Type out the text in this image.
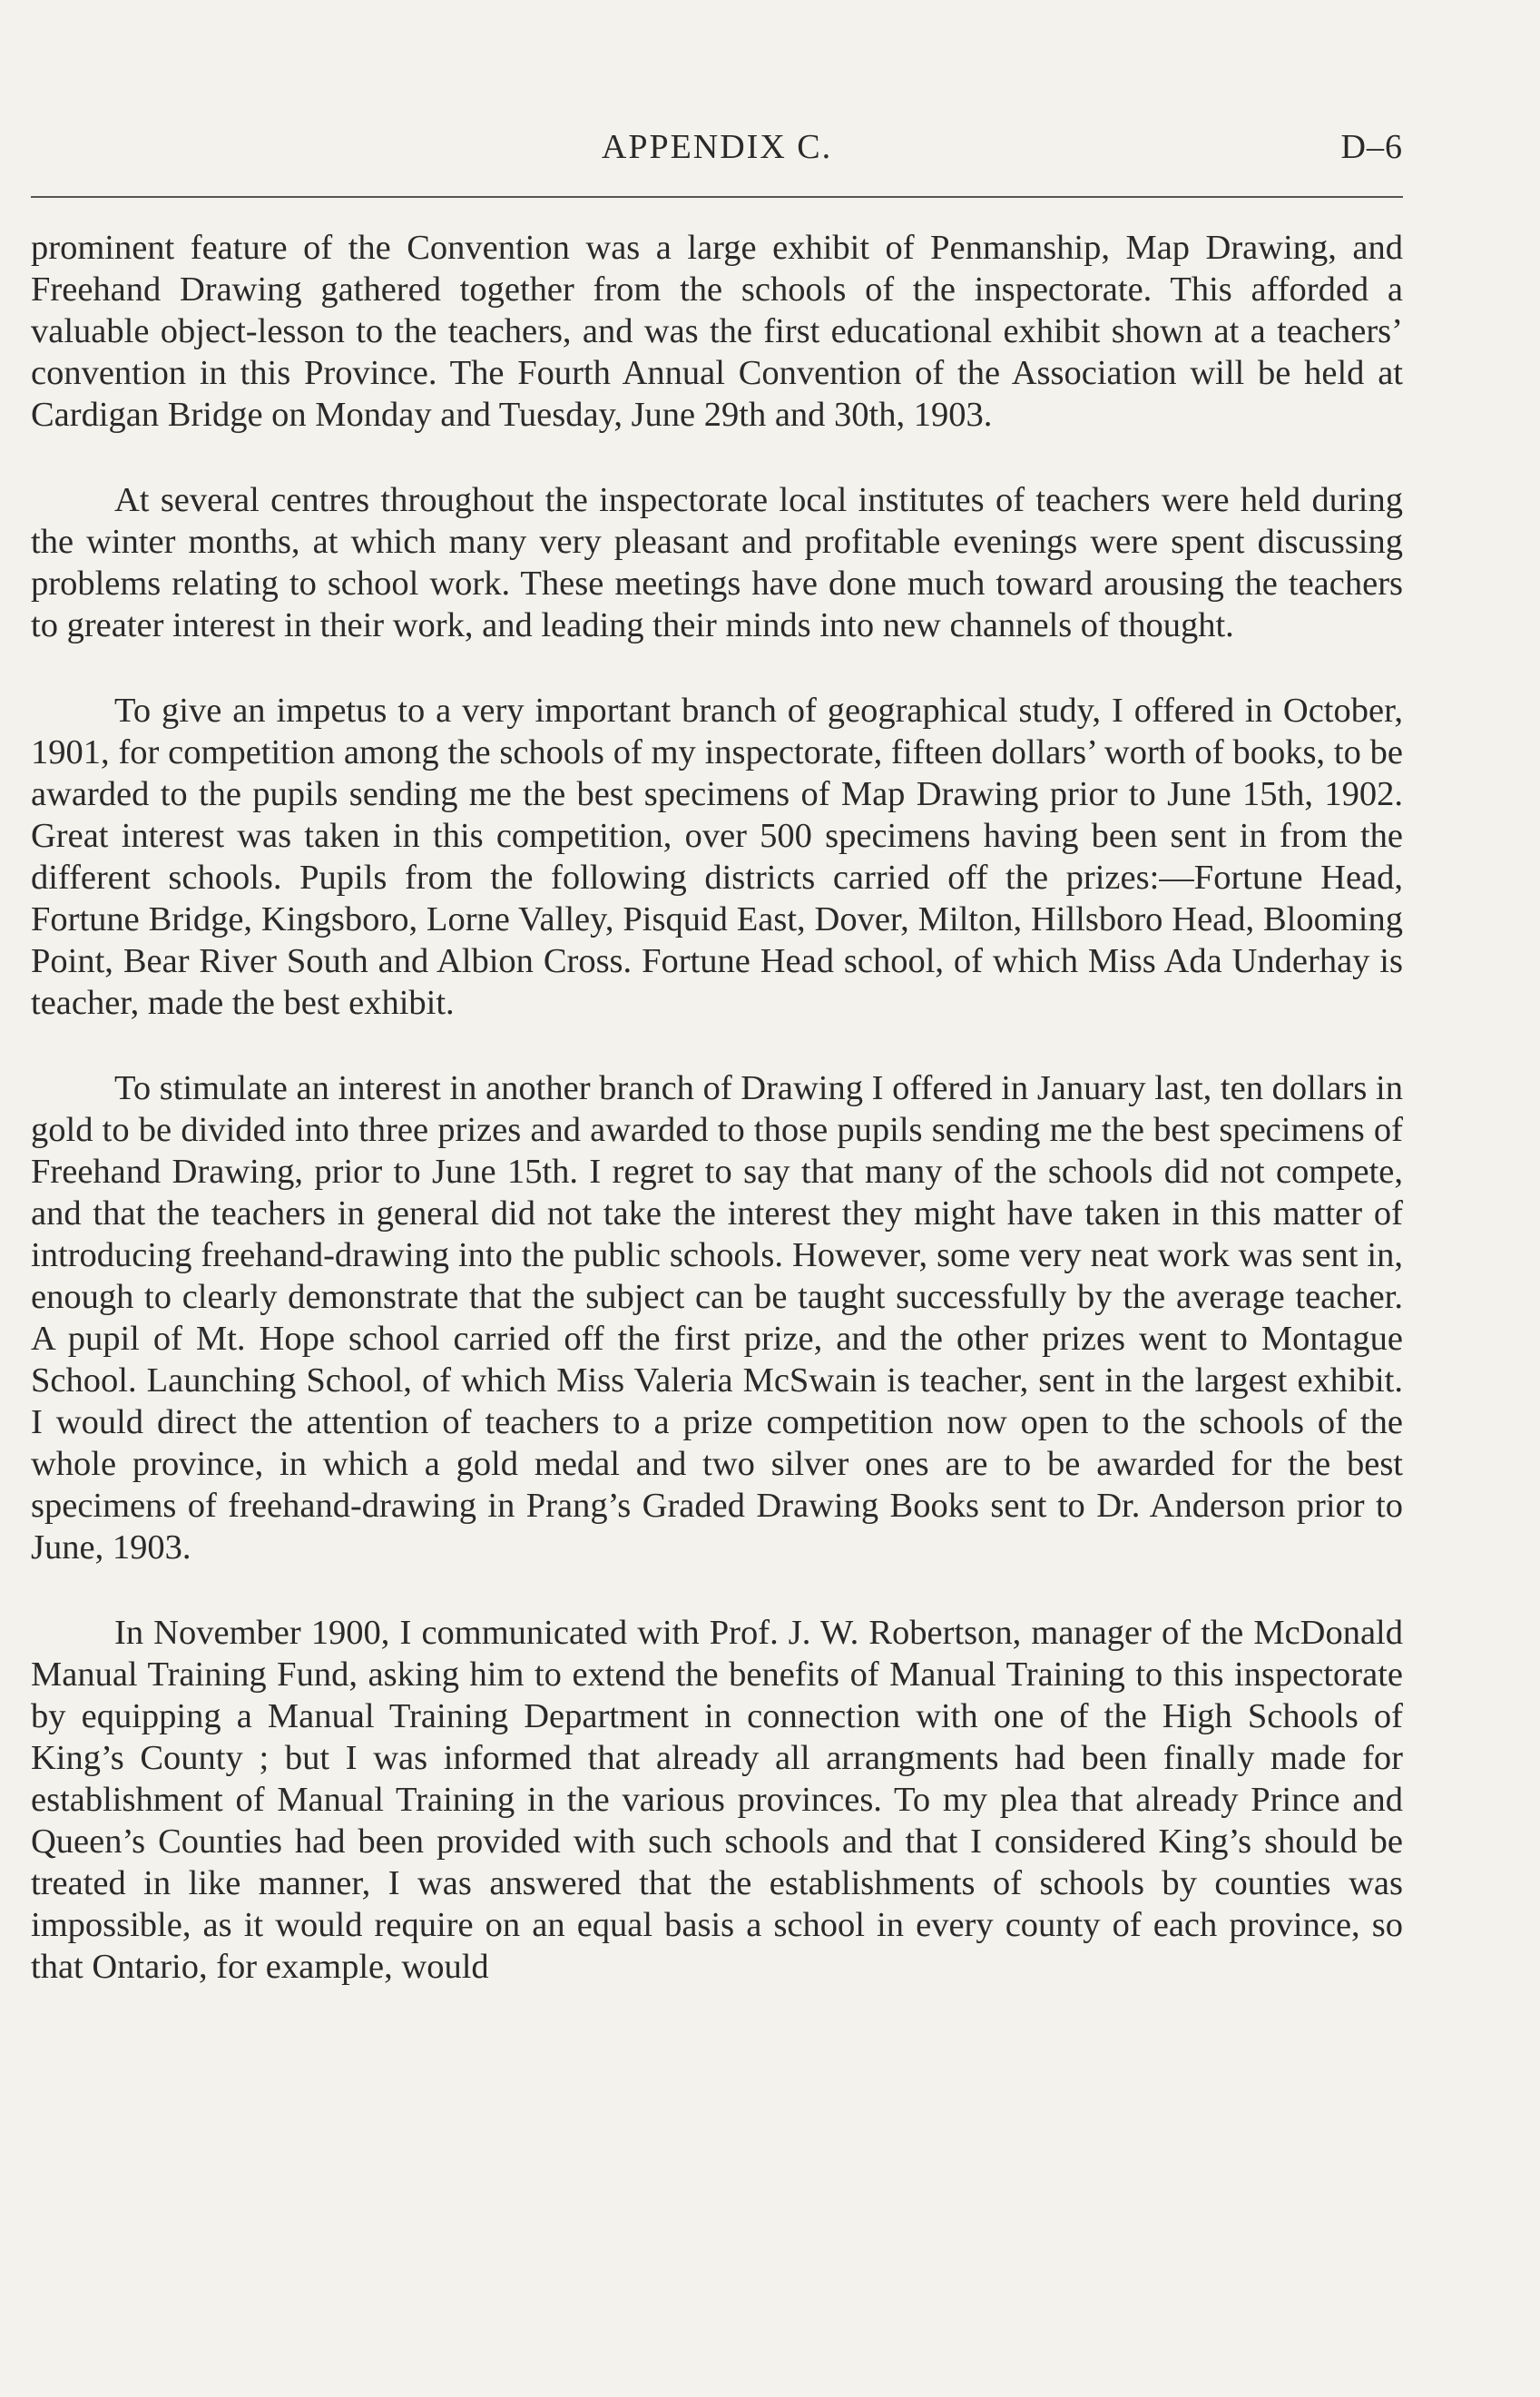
APPENDIX C.	D–6

prominent feature of the Convention was a large exhibit of Penmanship, Map Drawing, and Freehand Drawing gathered together from the schools of the inspectorate. This afforded a valuable object-lesson to the teachers, and was the first educational exhibit shown at a teachers’ convention in this Province. The Fourth Annual Convention of the Association will be held at Cardigan Bridge on Monday and Tuesday, June 29th and 30th, 1903.

At several centres throughout the inspectorate local institutes of teachers were held during the winter months, at which many very pleasant and profitable evenings were spent discussing problems relating to school work. These meetings have done much toward arousing the teachers to greater interest in their work, and leading their minds into new channels of thought.

To give an impetus to a very important branch of geographical study, I offered in October, 1901, for competition among the schools of my inspectorate, fifteen dollars’ worth of books, to be awarded to the pupils sending me the best specimens of Map Drawing prior to June 15th, 1902. Great interest was taken in this competition, over 500 specimens having been sent in from the different schools. Pupils from the following districts carried off the prizes:—Fortune Head, Fortune Bridge, Kingsboro, Lorne Valley, Pisquid East, Dover, Milton, Hillsboro Head, Blooming Point, Bear River South and Albion Cross. Fortune Head school, of which Miss Ada Underhay is teacher, made the best exhibit.

To stimulate an interest in another branch of Drawing I offered in January last, ten dollars in gold to be divided into three prizes and awarded to those pupils sending me the best specimens of Freehand Drawing, prior to June 15th. I regret to say that many of the schools did not compete, and that the teachers in general did not take the interest they might have taken in this matter of introducing freehand-drawing into the public schools. However, some very neat work was sent in, enough to clearly demonstrate that the subject can be taught successfully by the average teacher. A pupil of Mt. Hope school carried off the first prize, and the other prizes went to Montague School. Launching School, of which Miss Valeria McSwain is teacher, sent in the largest exhibit. I would direct the attention of teachers to a prize competition now open to the schools of the whole province, in which a gold medal and two silver ones are to be awarded for the best specimens of freehand-drawing in Prang’s Graded Drawing Books sent to Dr. Anderson prior to June, 1903.

In November 1900, I communicated with Prof. J. W. Robertson, manager of the McDonald Manual Training Fund, asking him to extend the benefits of Manual Training to this inspectorate by equipping a Manual Training Department in connection with one of the High Schools of King’s County ; but I was informed that already all arrangments had been finally made for establishment of Manual Training in the various provinces. To my plea that already Prince and Queen’s Counties had been provided with such schools and that I considered King’s should be treated in like manner, I was answered that the establishments of schools by counties was impossible, as it would require on an equal basis a school in every county of each province, so that Ontario, for example, would
